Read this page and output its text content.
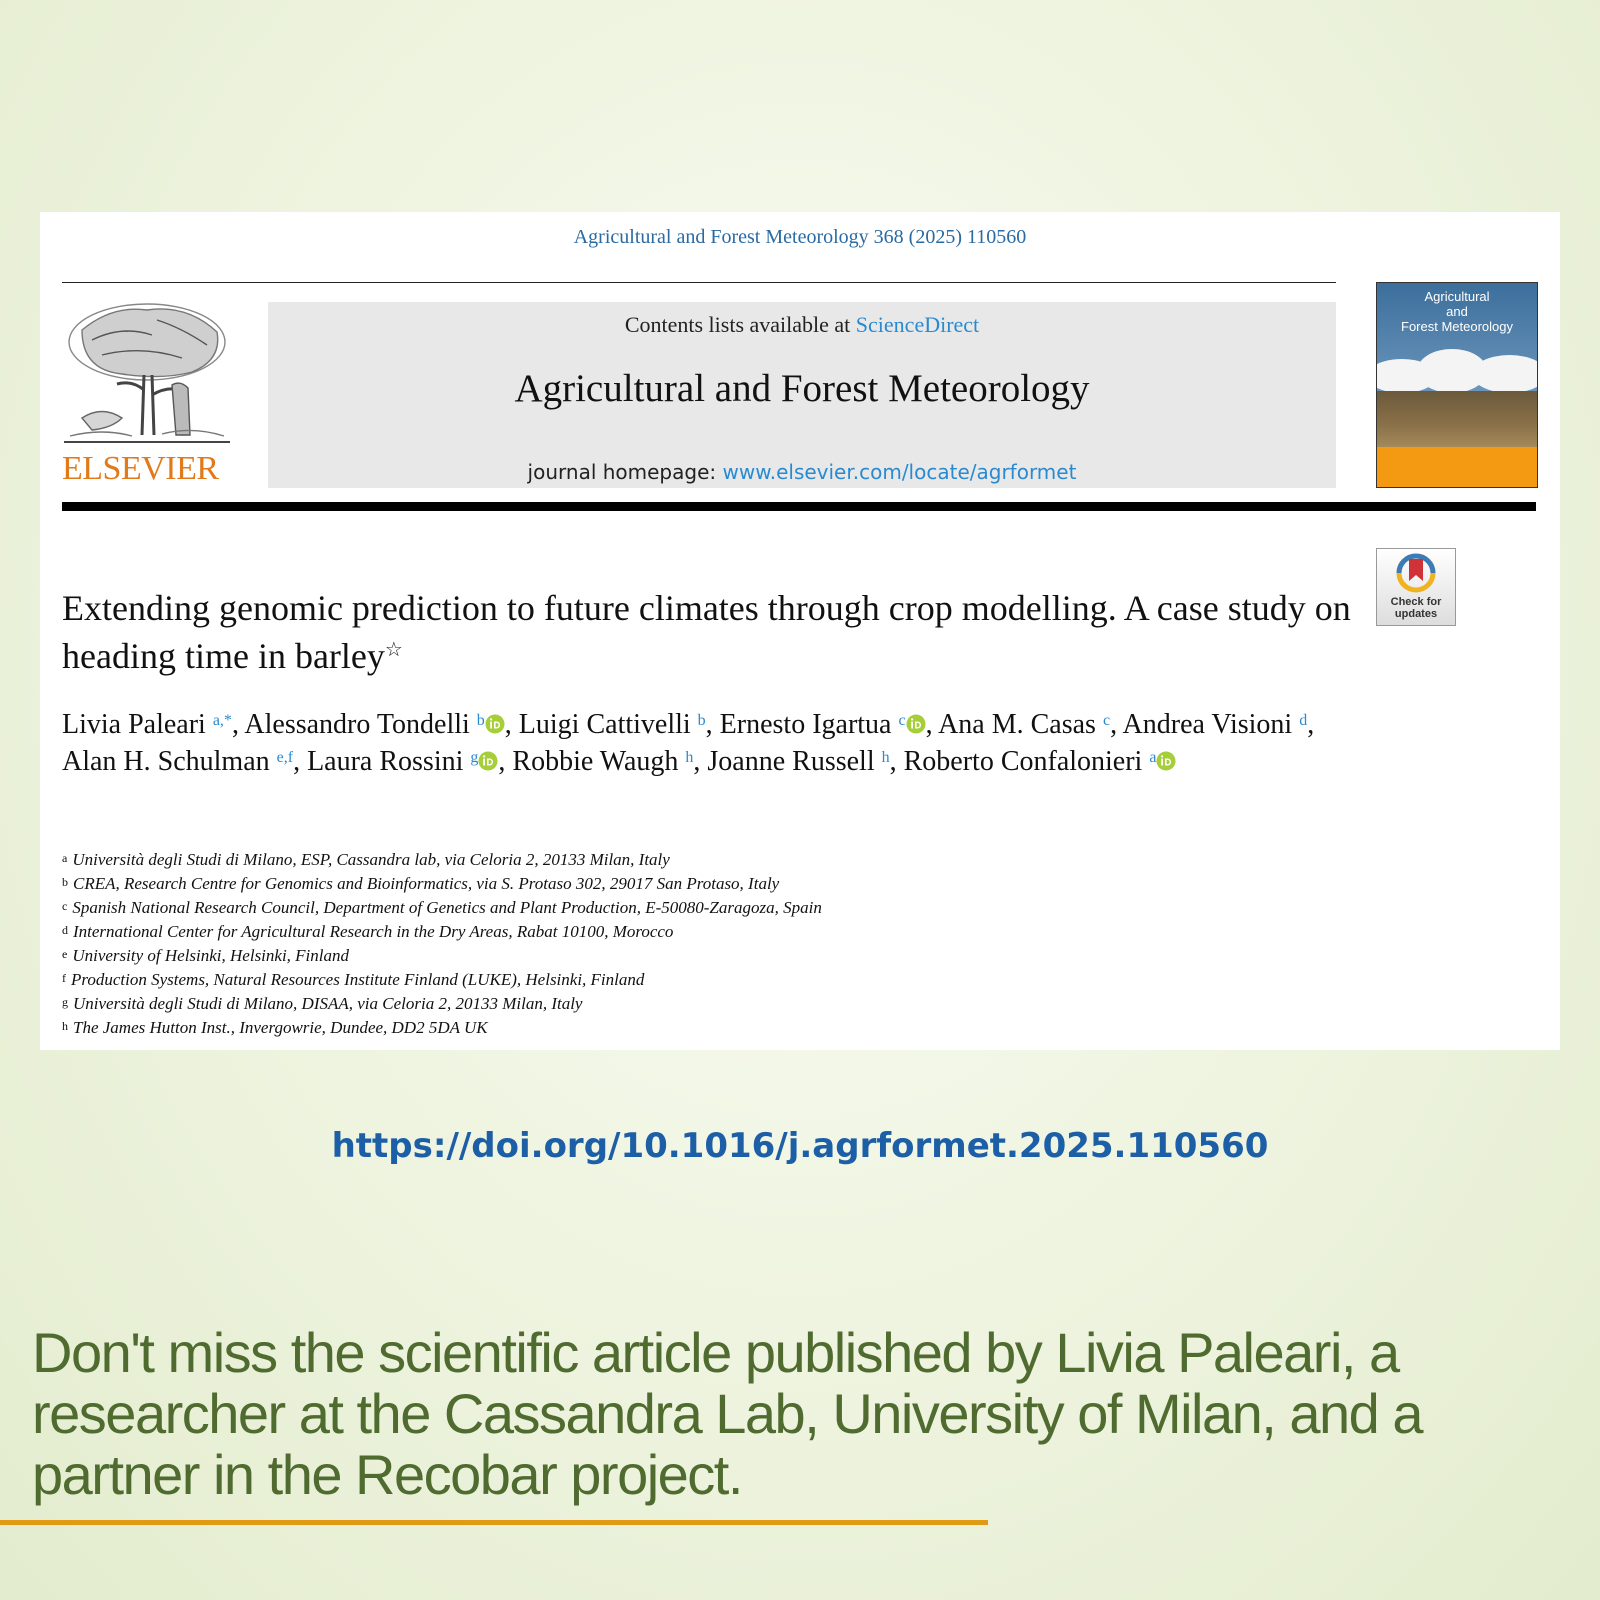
Agricultural and Forest Meteorology 368 (2025) 110560
ELSEVIER
Contents lists available at ScienceDirect
Agricultural and Forest Meteorology
journal homepage: www.elsevier.com/locate/agrformet
Agricultural
and
Forest Meteorology
Check for
updates
Extending genomic prediction to future climates through crop modelling. A case study on heading time in barley☆
Livia Paleari $^{a,*}$, Alessandro Tondelli $^b$ , Luigi Cattivelli $^b$, Ernesto Igartua $^c$ , Ana M. Casas $^c$, Andrea Visioni $^d$, Alan H. Schulman $^{e,f}$, Laura Rossini $^g$ , Robbie Waugh $^h$, Joanne Russell $^h$, Roberto Confalonieri $^a$
$^a$ Università degli Studi di Milano, ESP, Cassandra lab, via Celoria 2, 20133 Milan, Italy
$^b$ CREA, Research Centre for Genomics and Bioinformatics, via S. Protaso 302, 29017 San Protaso, Italy
$^c$ Spanish National Research Council, Department of Genetics and Plant Production, E-50080-Zaragoza, Spain
$^d$ International Center for Agricultural Research in the Dry Areas, Rabat 10100, Morocco
$^e$ University of Helsinki, Helsinki, Finland
$^f$ Production Systems, Natural Resources Institute Finland (LUKE), Helsinki, Finland
$^g$ Università degli Studi di Milano, DISAA, via Celoria 2, 20133 Milan, Italy
$^h$ The James Hutton Inst., Invergowrie, Dundee, DD2 5DA UK
https://doi.org/10.1016/j.agrformet.2025.110560
Don't miss the scientific article published by Livia Paleari, a researcher at the Cassandra Lab, University of Milan, and a partner in the Recobar project.
